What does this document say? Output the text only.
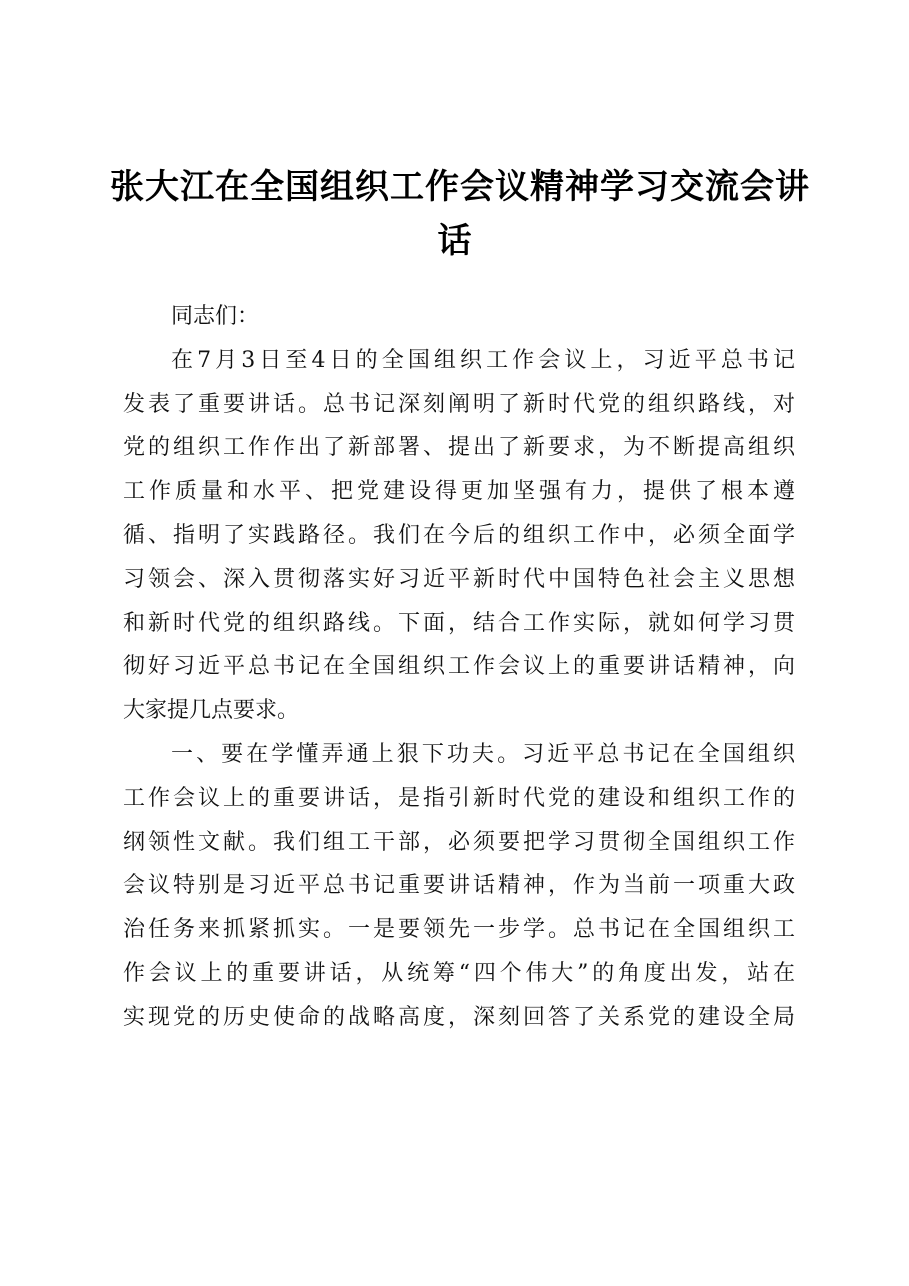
张大江在全国组织工作会议精神学习交流会讲
话
同志们：
在7月3日至4日的全国组织工作会议上，习近平总书记
发表了重要讲话。总书记深刻阐明了新时代党的组织路线，对
党的组织工作作出了新部署、提出了新要求，为不断提高组织
工作质量和水平、把党建设得更加坚强有力，提供了根本遵
循、指明了实践路径。我们在今后的组织工作中，必须全面学
习领会、深入贯彻落实好习近平新时代中国特色社会主义思想
和新时代党的组织路线。下面，结合工作实际，就如何学习贯
彻好习近平总书记在全国组织工作会议上的重要讲话精神，向
大家提几点要求。
一、要在学懂弄通上狠下功夫。习近平总书记在全国组织
工作会议上的重要讲话，是指引新时代党的建设和组织工作的
纲领性文献。我们组工干部，必须要把学习贯彻全国组织工作
会议特别是习近平总书记重要讲话精神，作为当前一项重大政
治任务来抓紧抓实。一是要领先一步学。总书记在全国组织工
作会议上的重要讲话，从统筹“四个伟大”的角度出发，站在
实现党的历史使命的战略高度，深刻回答了关系党的建设全局
